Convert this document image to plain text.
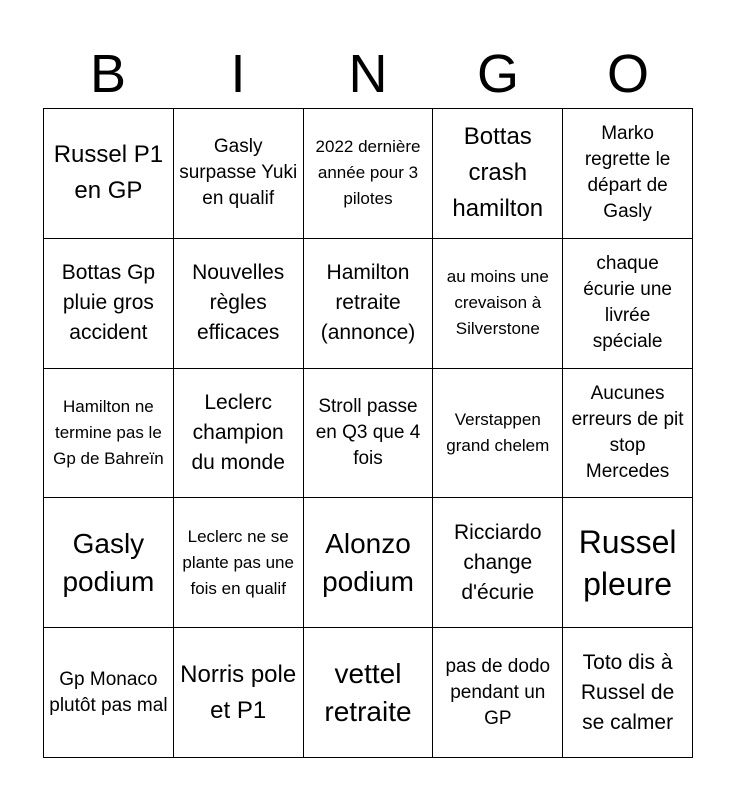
B	I	N	G	O
Russel P1 en GP
Gasly surpasse Yuki en qualif
2022 dernière année pour 3 pilotes
Bottas crash hamilton
Marko regrette le départ de Gasly
Bottas Gp pluie gros accident
Nouvelles règles efficaces
Hamilton retraite (annonce)
au moins une crevaison à Silverstone
chaque écurie une livrée spéciale
Hamilton ne termine pas le Gp de Bahreïn
Leclerc champion du monde
Stroll passe en Q3 que 4 fois
Verstappen grand chelem
Aucunes erreurs de pit stop Mercedes
Gasly podium
Leclerc ne se plante pas une fois en qualif
Alonzo podium
Ricciardo change d'écurie
Russel pleure
Gp Monaco plutôt pas mal
Norris pole et P1
vettel retraite
pas de dodo pendant un GP
Toto dis à Russel de se calmer
